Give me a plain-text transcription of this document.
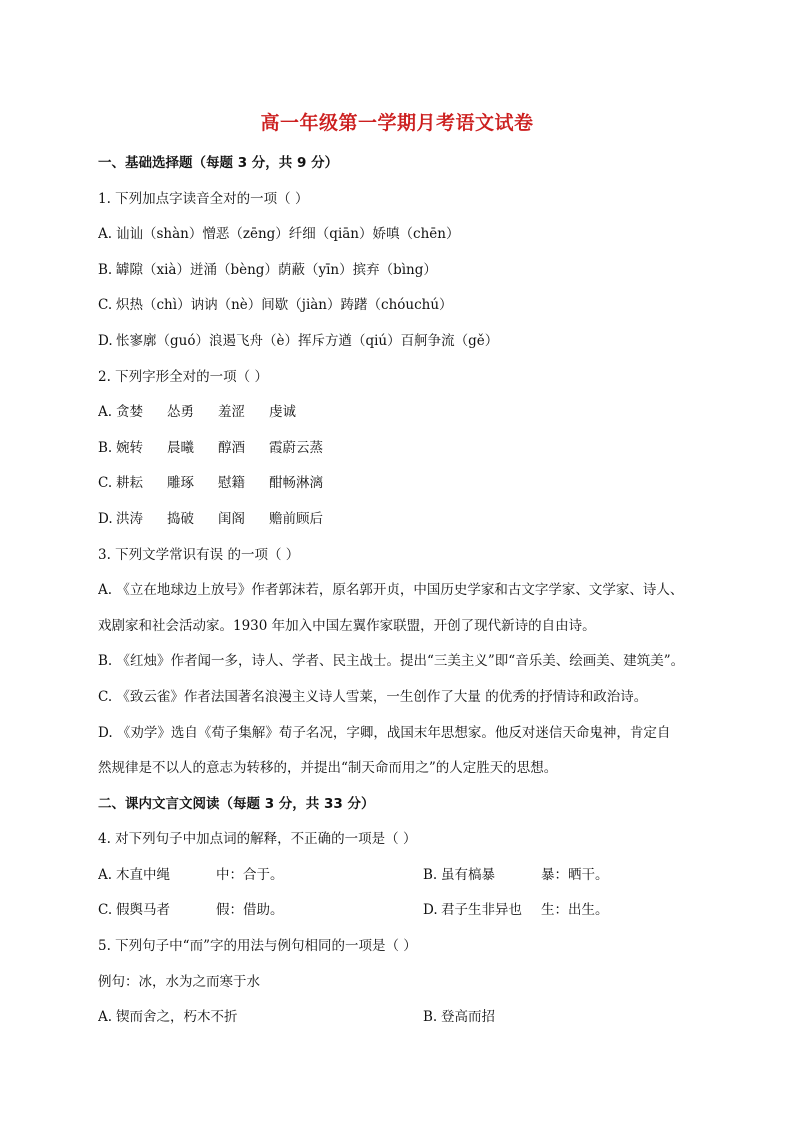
高一年级第一学期月考语文试卷
一、基础选择题（每题 3 分，共 9 分）
1. 下列加点字读音全对的一项（ ）
A. 讪讪（shàn）憎恶（zēng）纤细（qiān）娇嗔（chēn）
B. 罅隙（xià）迸涌（bèng）荫蔽（yīn）摈弃（bìng）
C. 炽热（chì）讷讷（nè）间歇（jiàn）踌躇（chóuchú）
D. 怅寥廓（guó）浪遏飞舟（è）挥斥方遒（qiú）百舸争流（gě）
2. 下列字形全对的一项（ ）
A. 贪婪 怂勇 羞涩 虔诚
B. 婉转 晨曦 醇酒 霞蔚云蒸
C. 耕耘 雕琢 慰籍 酣畅淋漓
D. 洪涛 捣破 闺阁 赡前顾后
3. 下列文学常识有误 的一项（ ）
A. 《立在地球边上放号》作者郭沫若，原名郭开贞，中国历史学家和古文字学家、文学家、诗人、
戏剧家和社会活动家。1930 年加入中国左翼作家联盟，开创了现代新诗的自由诗。
B. 《红烛》作者闻一多，诗人、学者、民主战士。提出“三美主义”即“音乐美、绘画美、建筑美”。
C. 《致云雀》作者法国著名浪漫主义诗人雪莱，一生创作了大量 的优秀的抒情诗和政治诗。
D. 《劝学》选自《荀子集解》荀子名况，字卿，战国末年思想家。他反对迷信天命鬼神，肯定自
然规律是不以人的意志为转移的，并提出“制天命而用之”的人定胜天的思想。
二、课内文言文阅读（每题 3 分，共 33 分）
4. 对下列句子中加点词的解释，不正确的一项是（ ）
A. 木直中绳	中：合于。	B. 虽有槁暴	暴：晒干。
C. 假舆马者	假：借助。	D. 君子生非异也 生：出生。
5. 下列句子中“而”字的用法与例句相同的一项是（ ）
例句：冰，水为之而寒于水
A. 锲而舍之，朽木不折	B. 登高而招
